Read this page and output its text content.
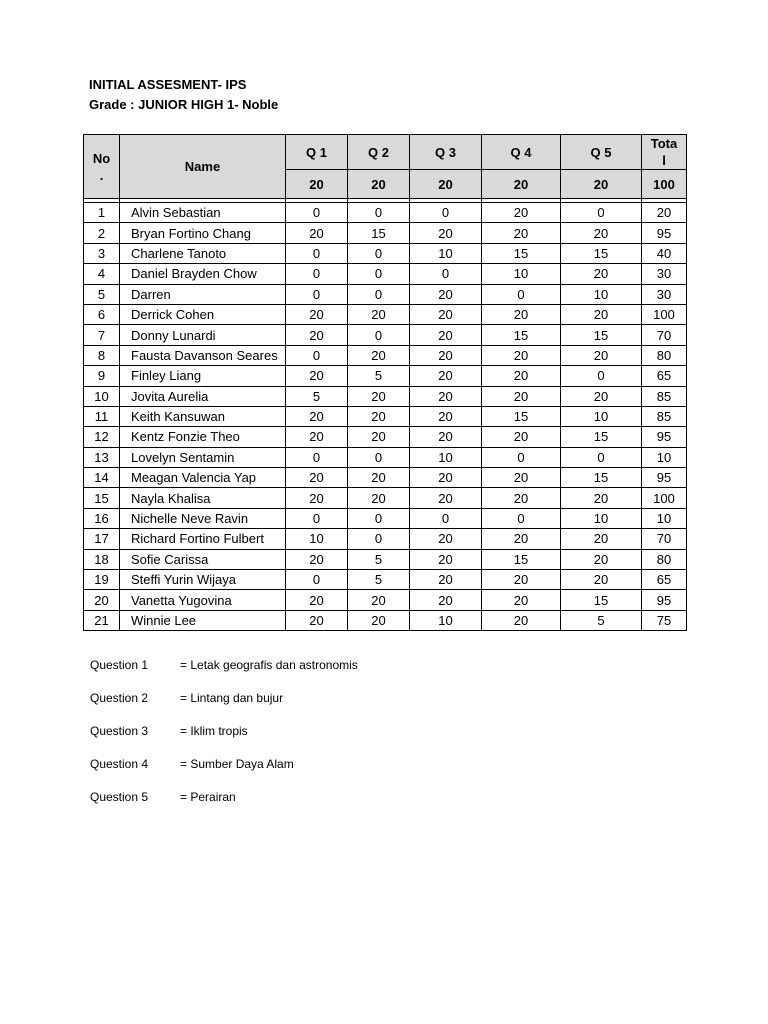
INITIAL ASSESMENT- IPS
Grade : JUNIOR HIGH 1- Noble
No
.	Name	Q 1	Q 2	Q 3	Q 4	Q 5	Tota
l
		20	20	20	20	20	100

1	Alvin Sebastian	0	0	0	20	0	20
2	Bryan Fortino Chang	20	15	20	20	20	95
3	Charlene Tanoto	0	0	10	15	15	40
4	Daniel Brayden Chow	0	0	0	10	20	30
5	Darren	0	0	20	0	10	30
6	Derrick Cohen	20	20	20	20	20	100
7	Donny Lunardi	20	0	20	15	15	70
8	Fausta Davanson Seares	0	20	20	20	20	80
9	Finley Liang	20	5	20	20	0	65
10	Jovita Aurelia	5	20	20	20	20	85
11	Keith Kansuwan	20	20	20	15	10	85
12	Kentz Fonzie Theo	20	20	20	20	15	95
13	Lovelyn Sentamin	0	0	10	0	0	10
14	Meagan Valencia Yap	20	20	20	20	15	95
15	Nayla Khalisa	20	20	20	20	20	100
16	Nichelle Neve Ravin	0	0	0	0	10	10
17	Richard Fortino Fulbert	10	0	20	20	20	70
18	Sofie Carissa	20	5	20	15	20	80
19	Steffi Yurin Wijaya	0	5	20	20	20	65
20	Vanetta Yugovina	20	20	20	20	15	95
21	Winnie Lee	20	20	10	20	5	75
Question 1	= Letak geografis dan astronomis
Question 2	= Lintang dan bujur
Question 3	= Iklim tropis
Question 4	= Sumber Daya Alam
Question 5	= Perairan
